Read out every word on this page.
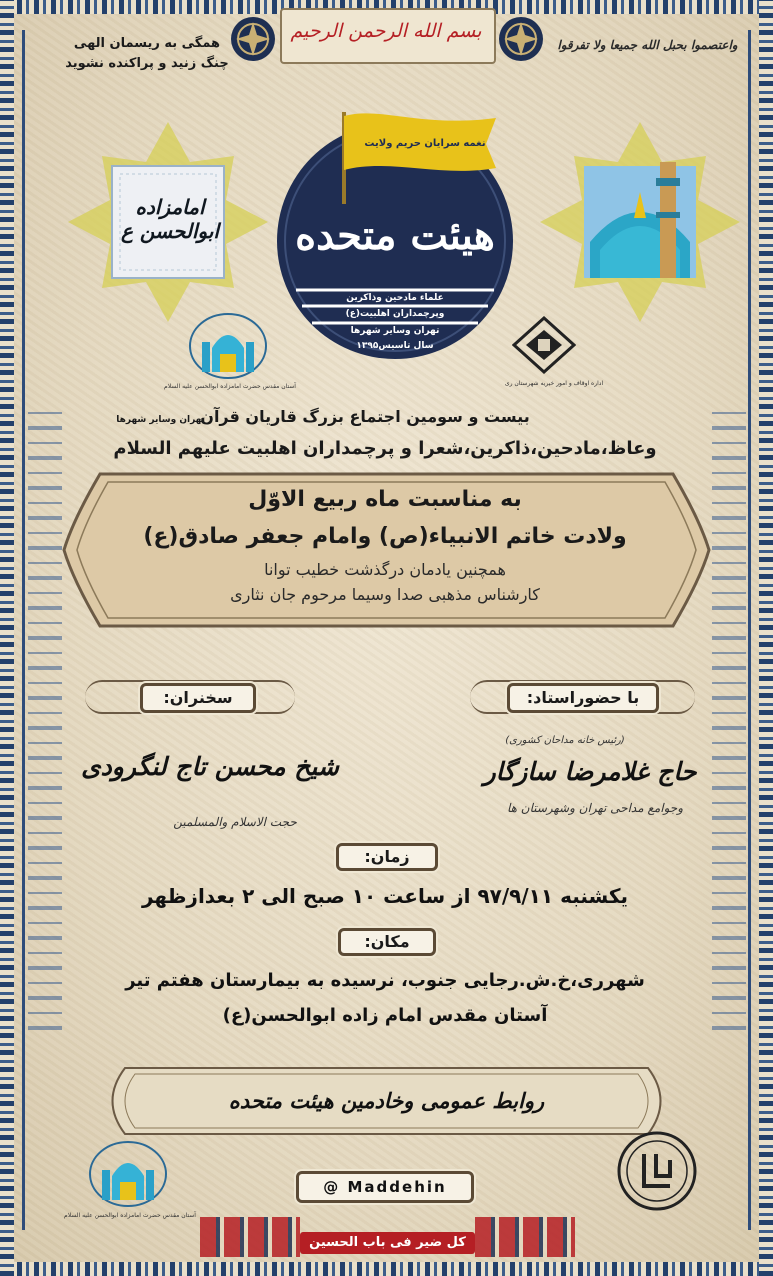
همگی به ریسمان الهی
چنگ زنید و پراکنده نشوید
بسم الله الرحمن الرحیم
واعتصموا بحبل الله جمیعا ولا تفرقوا
امامزاده ابوالحسن ع
نغمه سرایان حریم ولایت
هیئت متحده
علماء مادحین وذاکرین
وپرچمداران اهلبیت(ع)
تهران وسایر شهرها
سال تاسیس۱۳۹۵
آستان مقدس حضرت امامزاده ابوالحسن علیه السلام	اداره اوقاف و امور خیریه شهرستان ری
تهران وسایر شهرها
بیست و سومین اجتماع بزرگ قاریان قرآن
وعاظ،مادحین،ذاکرین،شعرا و پرچمداران اهلبیت علیهم السلام
به مناسبت ماه ربیع الاوّل
ولادت خاتم الانبیاء(ص) وامام جعفر صادق(ع)
همچنین یادمان درگذشت خطیب توانا
کارشناس مذهبی صدا وسیما مرحوم جان نثاری
سخنران:
شیخ محسن تاج لنگرودی
حجت الاسلام والمسلمین
با حضوراستاد:
(رئیس خانه مداحان کشوری)
حاج غلامرضا سازگار
وجوامع مداحی تهران وشهرستان ها
زمان:
یکشنبه ۹۷/۹/۱۱ از ساعت ۱۰ صبح الی ۲ بعدازظهر
مکان:
شهرری،خ.ش.رجایی جنوب، نرسیده به بیمارستان هفتم تیر
آستان مقدس امام زاده ابوالحسن(ع)
روابط عمومی وخادمین هیئت متحده
@ Maddehin
آستان مقدس حضرت امامزاده ابوالحسن علیه السلام
کل ضیر فی باب الحسین
